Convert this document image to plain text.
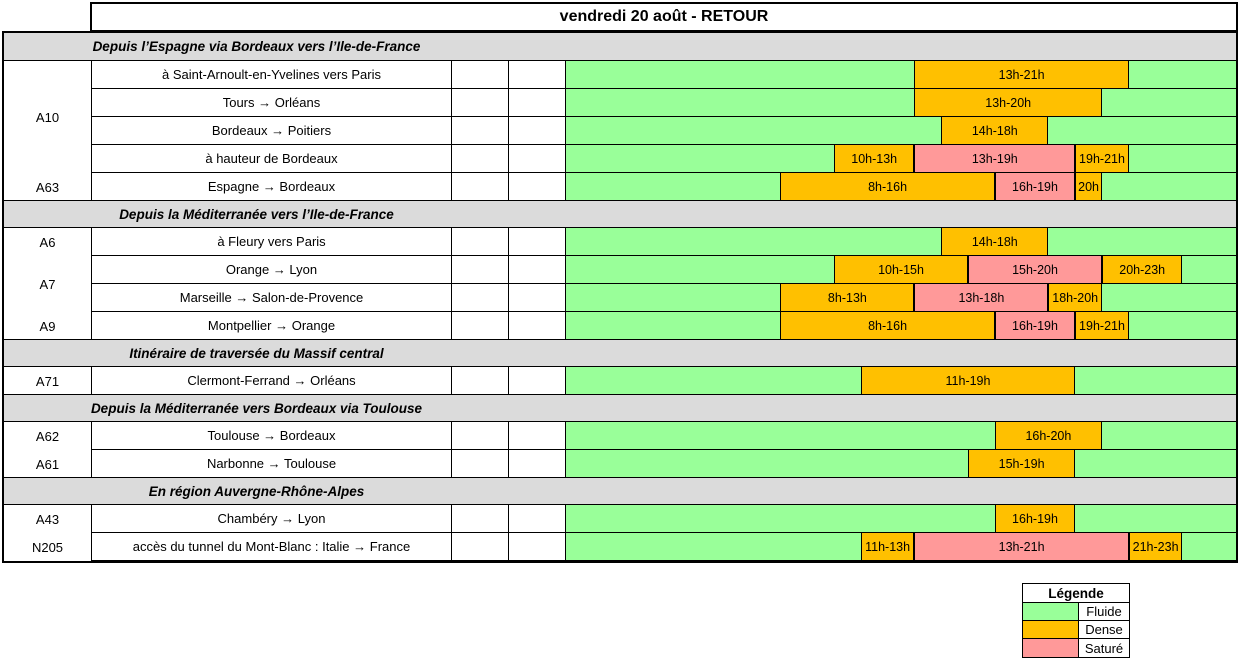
vendredi 20 août - RETOUR
Depuis l’Espagne via Bordeaux vers l’Ile-de-France
A10
à Saint-Arnoult-en-Yvelines vers Paris	13h-21h
Tours → Orléans	13h-20h
Bordeaux → Poitiers	14h-18h
à hauteur de Bordeaux	10h-13h	13h-19h	19h-21h
A63	Espagne → Bordeaux	8h-16h	16h-19h	20h
Depuis la Méditerranée vers l’Ile-de-France
A6	à Fleury vers Paris	14h-18h
A7
Orange → Lyon	10h-15h	15h-20h	20h-23h
Marseille → Salon-de-Provence	8h-13h	13h-18h	18h-20h
A9	Montpellier → Orange	8h-16h	16h-19h	19h-21h
Itinéraire de traversée du Massif central
A71	Clermont-Ferrand → Orléans	11h-19h
Depuis la Méditerranée vers Bordeaux via Toulouse
A62	Toulouse → Bordeaux	16h-20h
A61	Narbonne → Toulouse	15h-19h
En région Auvergne-Rhône-Alpes
A43	Chambéry → Lyon	16h-19h
N205	accès du tunnel du Mont-Blanc : Italie → France	11h-13h	13h-21h	21h-23h
Légende
Fluide
Dense
Saturé
